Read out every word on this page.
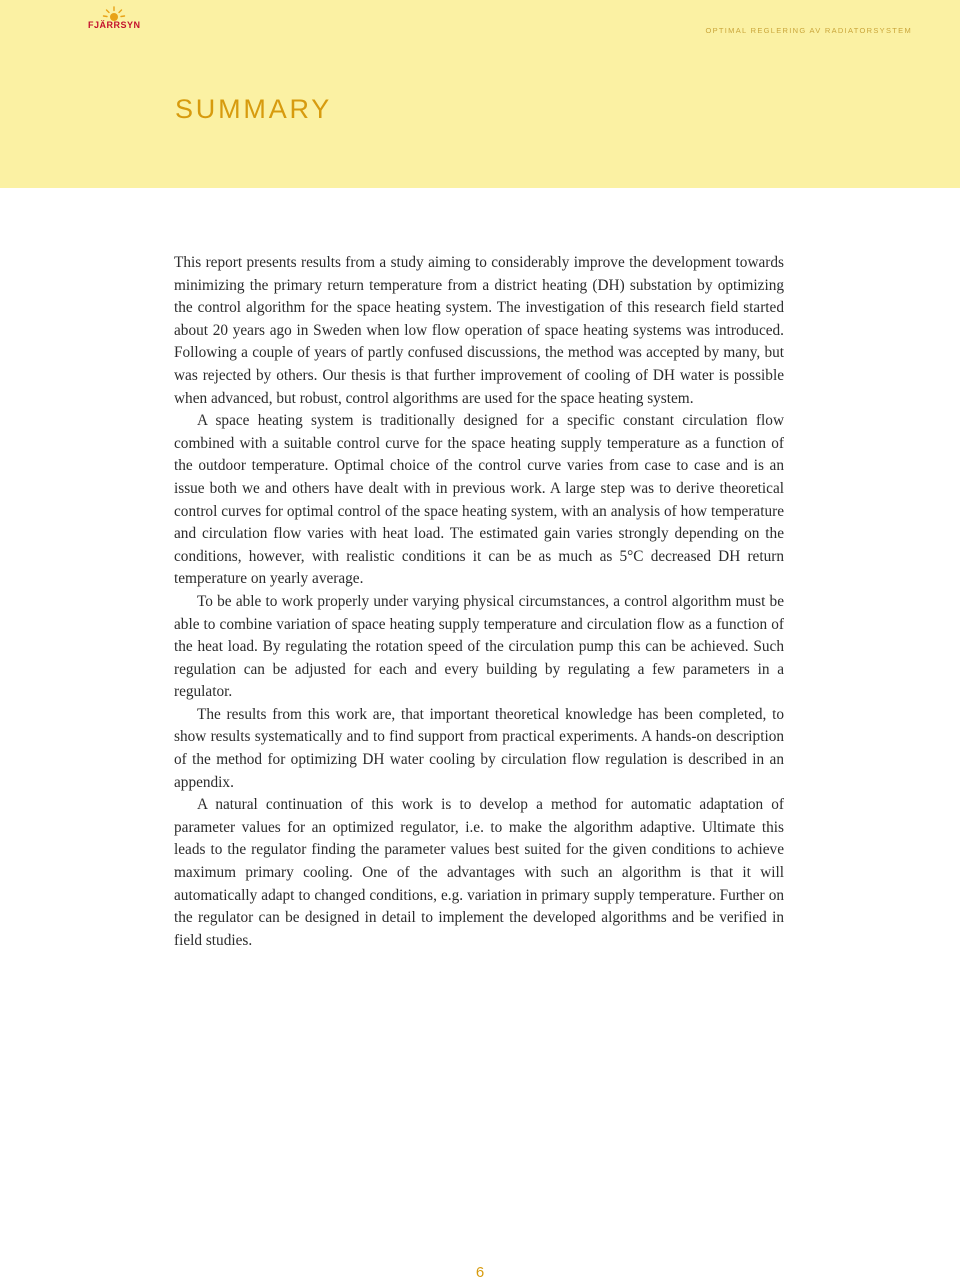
FJÄRRSYN
OPTIMAL REGLERING AV RADIATORSYSTEM
SUMMARY

This report presents results from a study aiming to considerably improve the development towards minimizing the primary return temperature from a district heating (DH) substation by optimizing the control algorithm for the space heating system. The investigation of this research field started about 20 years ago in Sweden when low flow operation of space heating systems was introduced. Following a couple of years of partly confused discussions, the method was accepted by many, but was rejected by others. Our thesis is that further improvement of cooling of DH water is possible when advanced, but robust, control algorithms are used for the space heating system.

A space heating system is traditionally designed for a specific constant circulation flow combined with a suitable control curve for the space heating supply temperature as a function of the outdoor temperature. Optimal choice of the control curve varies from case to case and is an issue both we and others have dealt with in previous work. A large step was to derive theoretical control curves for optimal control of the space heating system, with an analysis of how temperature and circulation flow varies with heat load. The estimated gain varies strongly depending on the conditions, however, with realistic conditions it can be as much as 5°C decreased DH return temperature on yearly average.

To be able to work properly under varying physical circumstances, a control algorithm must be able to combine variation of space heating supply temperature and circulation flow as a function of the heat load. By regulating the rotation speed of the circulation pump this can be achieved. Such regulation can be adjusted for each and every building by regulating a few parameters in a regulator.

The results from this work are, that important theoretical knowledge has been completed, to show results systematically and to find support from practical experiments. A hands-on description of the method for optimizing DH water cooling by circulation flow regulation is described in an appendix.

A natural continuation of this work is to develop a method for automatic adaptation of parameter values for an optimized regulator, i.e. to make the algorithm adaptive. Ultimate this leads to the regulator finding the parameter values best suited for the given conditions to achieve maximum primary cooling. One of the advantages with such an algorithm is that it will automatically adapt to changed conditions, e.g. variation in primary supply temperature. Further on the regulator can be designed in detail to implement the developed algorithms and be verified in field studies.

6
